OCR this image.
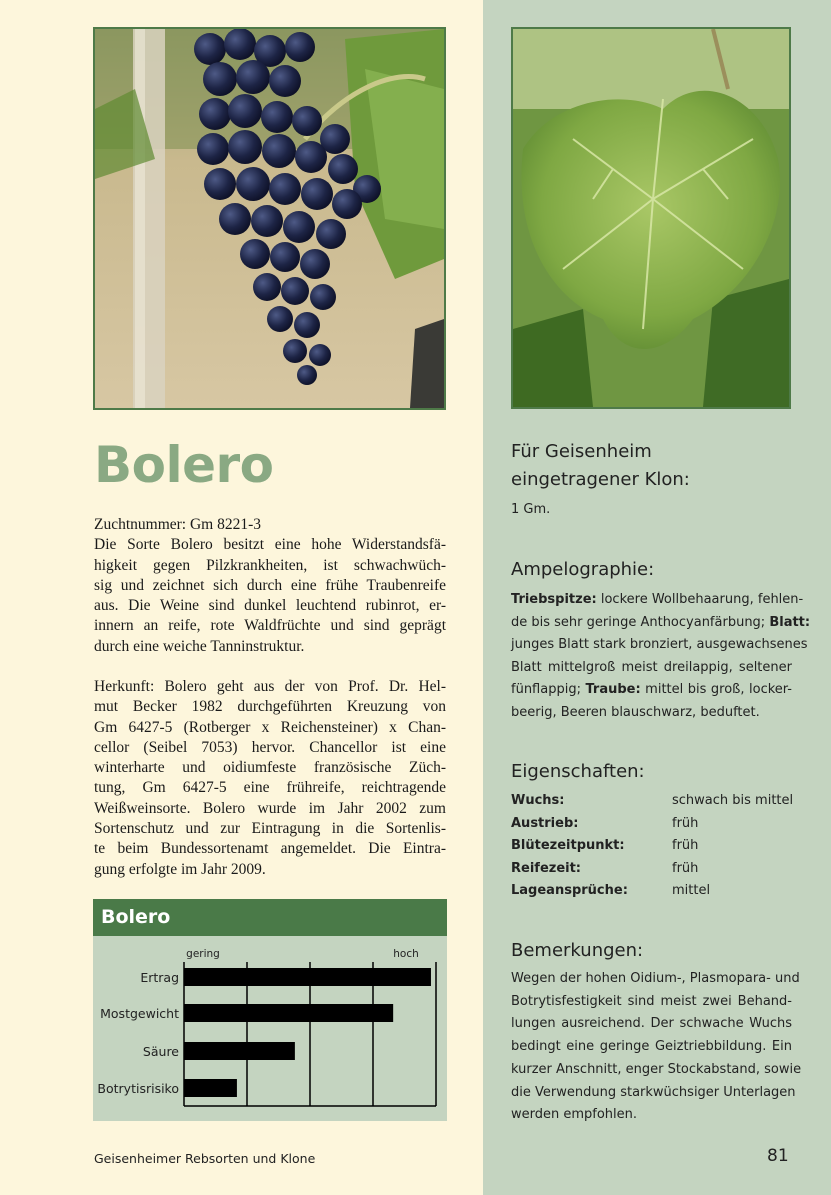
Bolero
Zuchtnummer: Gm 8221-3
Die Sorte Bolero besitzt eine hohe Widerstandsfä-
higkeit gegen Pilzkrankheiten, ist schwachwüch-
sig und zeichnet sich durch eine frühe Traubenreife
aus. Die Weine sind dunkel leuchtend rubinrot, er-
innern an reife, rote Waldfrüchte und sind geprägt
durch eine weiche Tanninstruktur.
Herkunft: Bolero geht aus der von Prof. Dr. Hel-
mut Becker 1982 durchgeführten Kreuzung von
Gm 6427-5 (Rotberger x Reichensteiner) x Chan-
cellor (Seibel 7053) hervor. Chancellor ist eine
winterharte und oidiumfeste französische Züch-
tung, Gm 6427-5 eine frühreife, reichtragende
Weißweinsorte. Bolero wurde im Jahr 2002 zum
Sortenschutz und zur Eintragung in die Sortenlis-
te beim Bundessortenamt angemeldet. Die Eintra-
gung erfolgte im Jahr 2009.
Bolero
gering	hoch
Ertrag
Mostgewicht
Säure
Botrytisrisiko
Geisenheimer Rebsorten und Klone
Für Geisenheim
eingetragener Klon:
1 Gm.
Ampelographie:
Triebspitze: lockere Wollbehaarung, fehlen-
de bis sehr geringe Anthocyanfärbung; Blatt:
junges Blatt stark bronziert, ausgewachsenes
Blatt mittelgroß meist dreilappig, seltener
fünflappig; Traube: mittel bis groß, locker-
beerig, Beeren blauschwarz, beduftet.
Eigenschaften:
Wuchs:	schwach bis mittel
Austrieb:	früh
Blütezeitpunkt:	früh
Reifezeit:	früh
Lageansprüche:	mittel
Bemerkungen:
Wegen der hohen Oidium-, Plasmopara- und
Botrytisfestigkeit sind meist zwei Behand-
lungen ausreichend. Der schwache Wuchs
bedingt eine geringe Geiztriebbildung. Ein
kurzer Anschnitt, enger Stockabstand, sowie
die Verwendung starkwüchsiger Unterlagen
werden empfohlen.
81
